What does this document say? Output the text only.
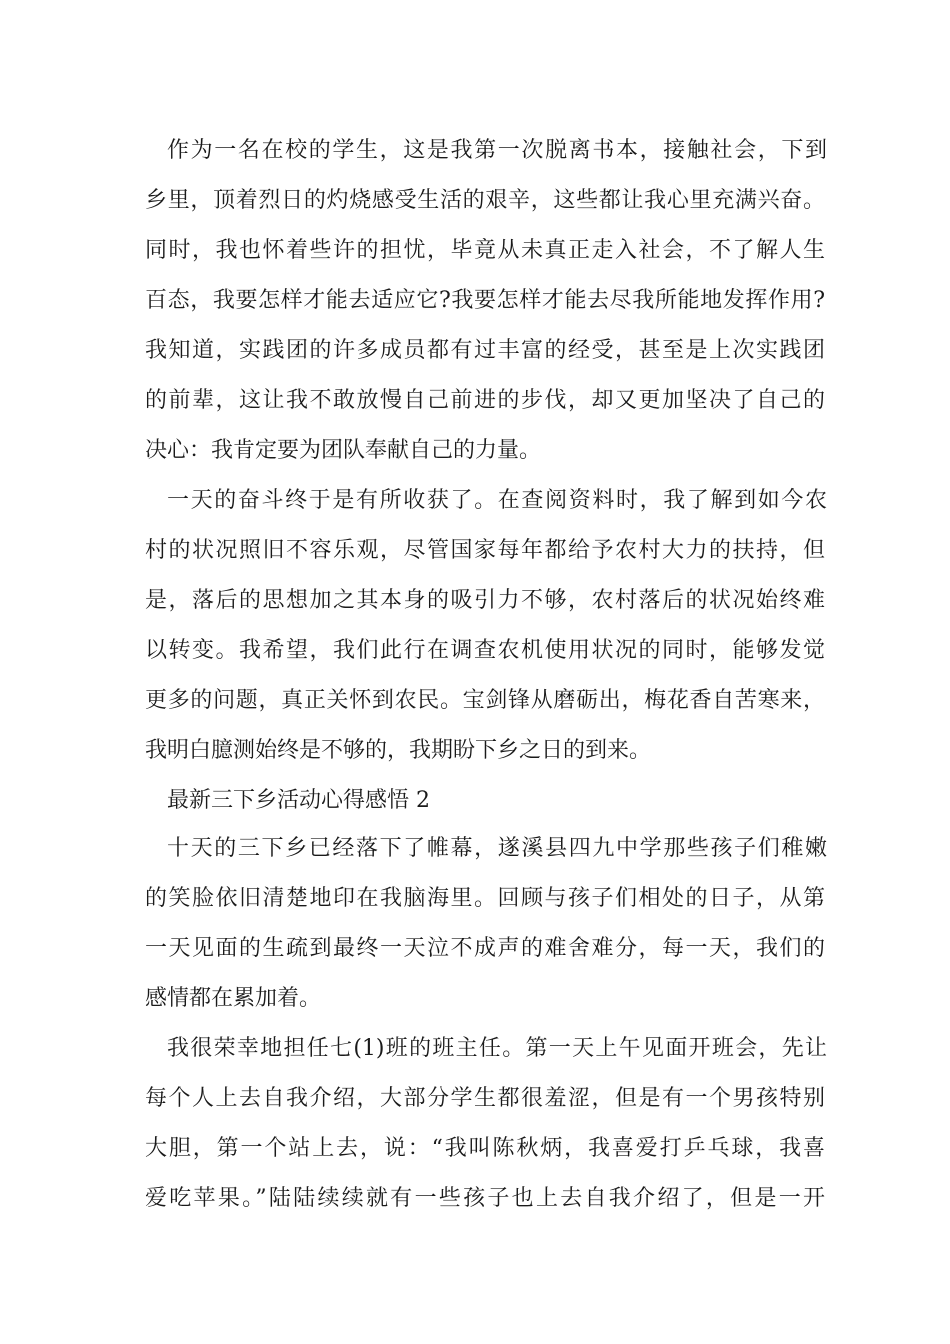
作为一名在校的学生，这是我第一次脱离书本，接触社会，下到
乡里，顶着烈日的灼烧感受生活的艰辛，这些都让我心里充满兴奋。
同时，我也怀着些许的担忧，毕竟从未真正走入社会，不了解人生
百态，我要怎样才能去适应它?我要怎样才能去尽我所能地发挥作用?
我知道，实践团的许多成员都有过丰富的经受，甚至是上次实践团
的前辈，这让我不敢放慢自己前进的步伐，却又更加坚决了自己的
决心：我肯定要为团队奉献自己的力量。
一天的奋斗终于是有所收获了。在查阅资料时，我了解到如今农
村的状况照旧不容乐观，尽管国家每年都给予农村大力的扶持，但
是，落后的思想加之其本身的吸引力不够，农村落后的状况始终难
以转变。我希望，我们此行在调查农机使用状况的同时，能够发觉
更多的问题，真正关怀到农民。宝剑锋从磨砺出，梅花香自苦寒来，
我明白臆测始终是不够的，我期盼下乡之日的到来。
最新三下乡活动心得感悟 2
十天的三下乡已经落下了帷幕，遂溪县四九中学那些孩子们稚嫩
的笑脸依旧清楚地印在我脑海里。回顾与孩子们相处的日子，从第
一天见面的生疏到最终一天泣不成声的难舍难分，每一天，我们的
感情都在累加着。
我很荣幸地担任七(1)班的班主任。第一天上午见面开班会，先让
每个人上去自我介绍，大部分学生都很羞涩，但是有一个男孩特别
大胆，第一个站上去，说：“我叫陈秋炳，我喜爱打乒乓球，我喜
爱吃苹果。”陆陆续续就有一些孩子也上去自我介绍了，但是一开
